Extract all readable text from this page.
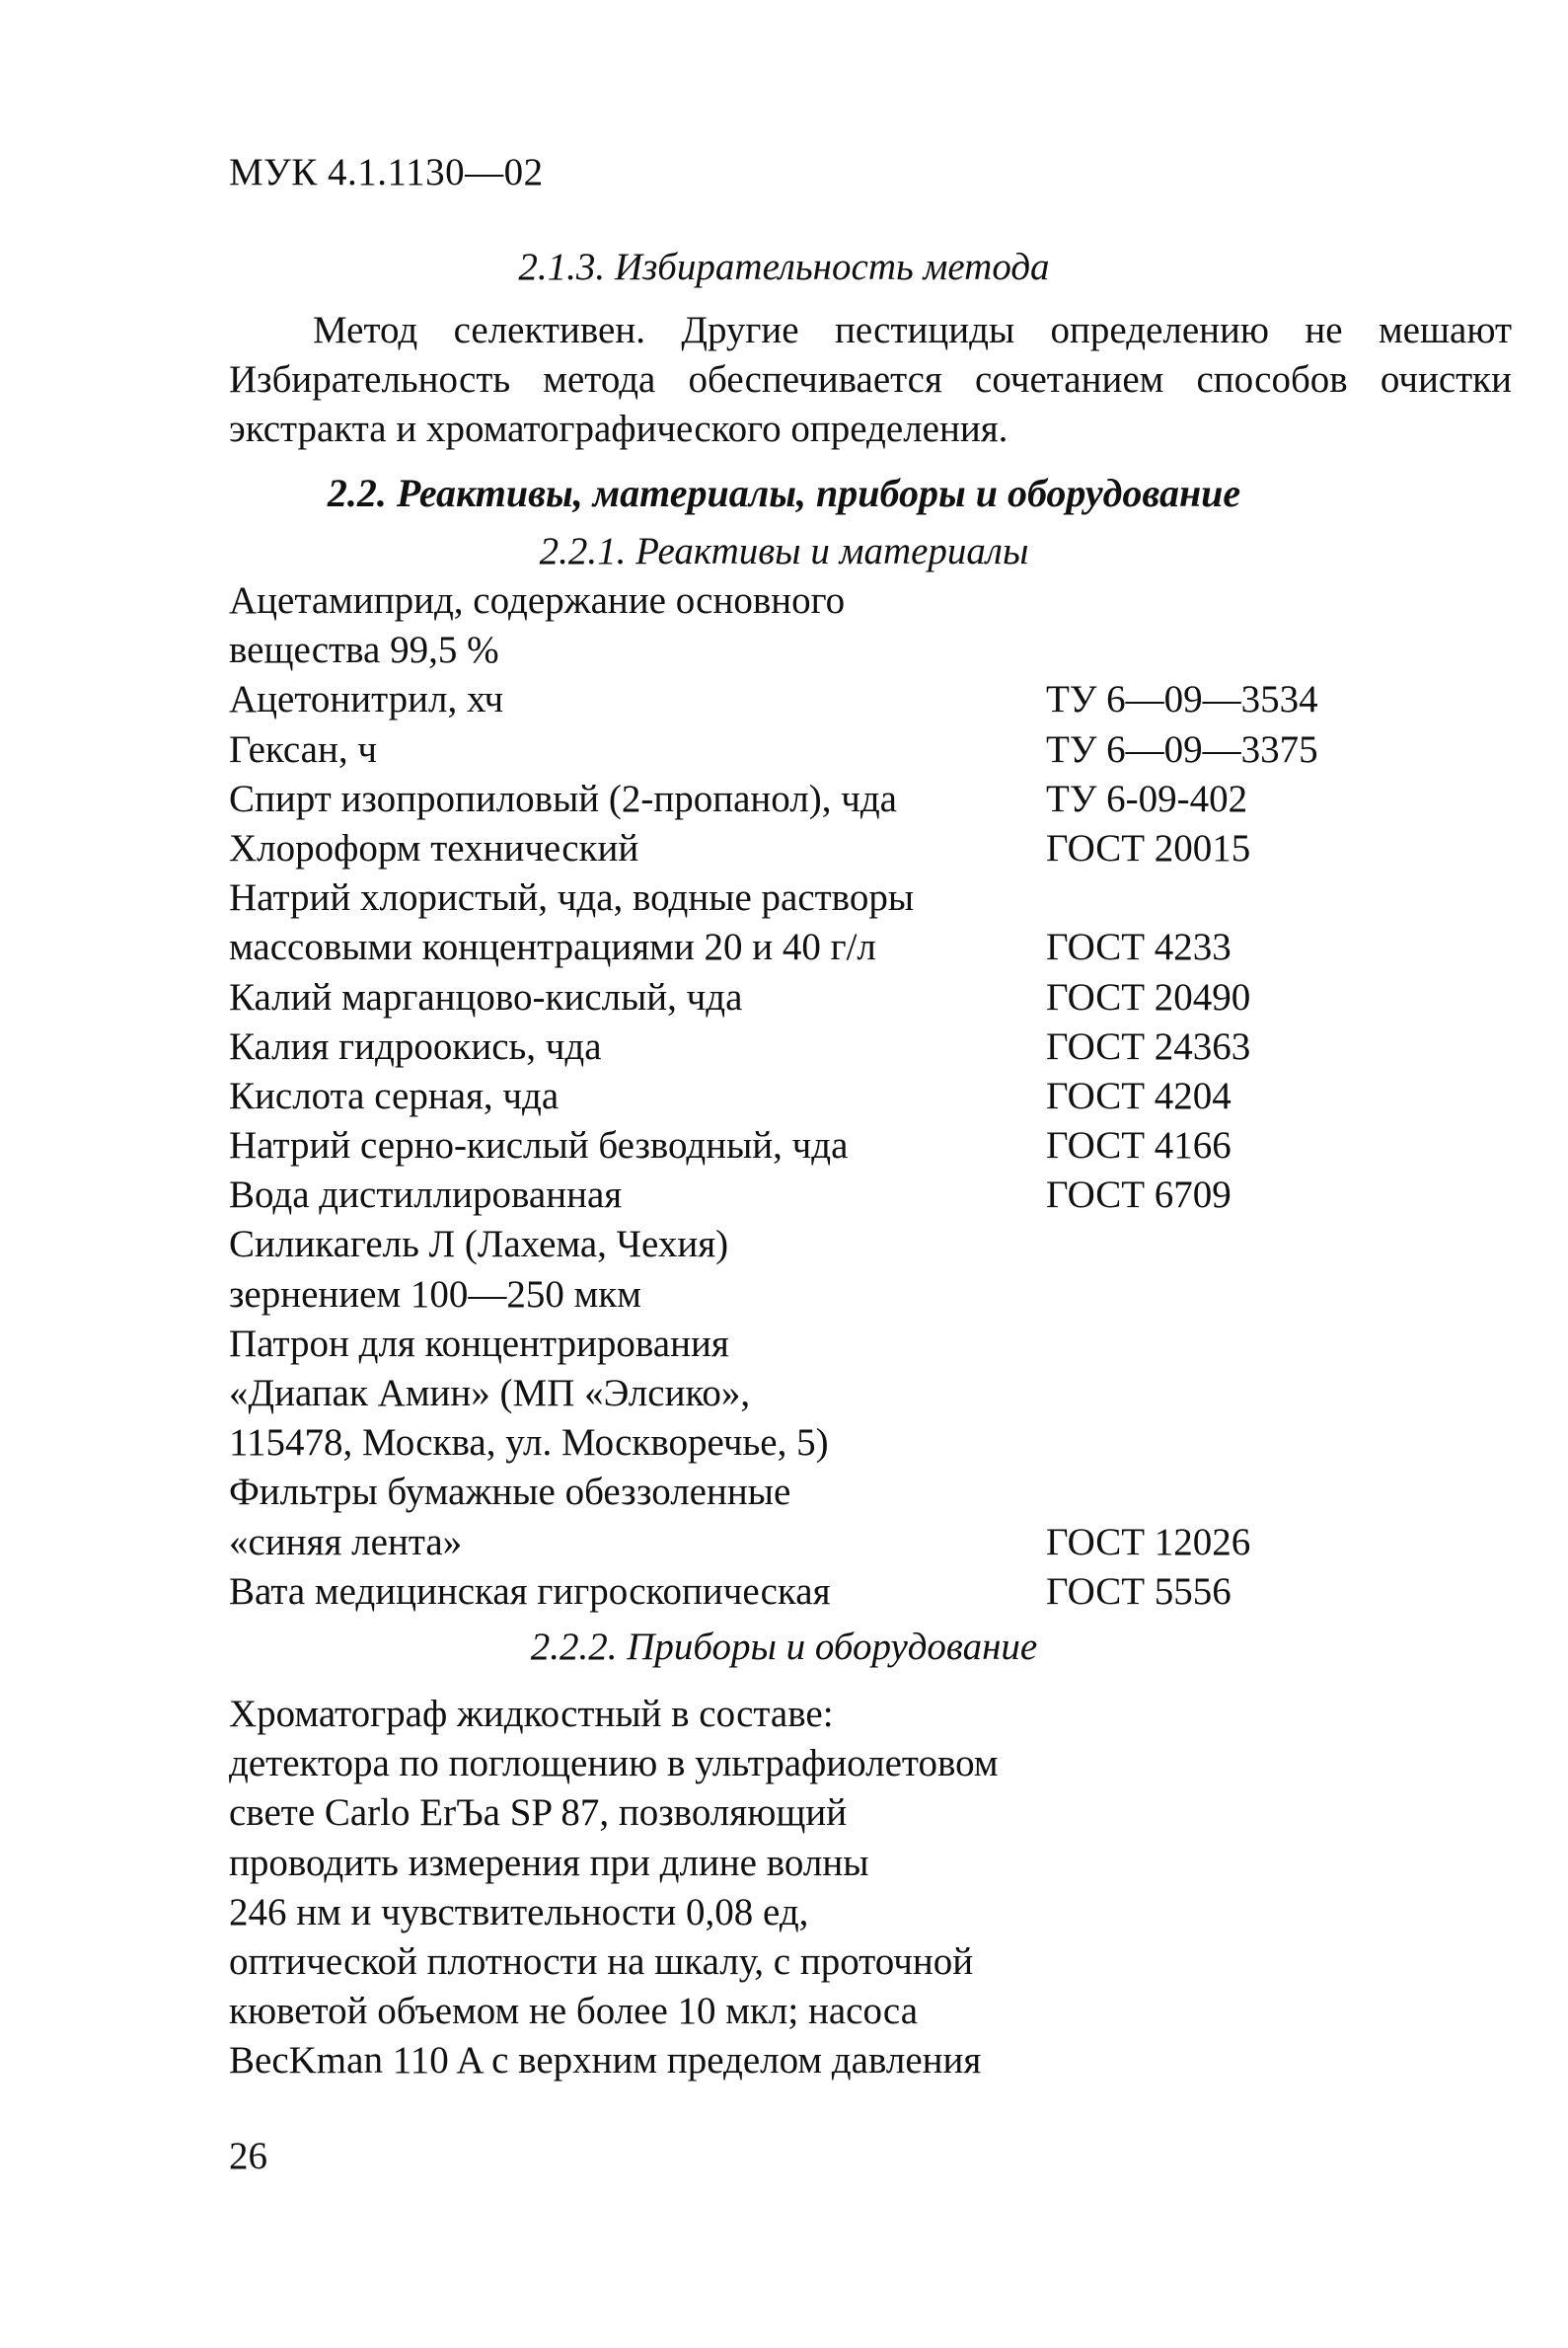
МУК 4.1.1130—02
2.1.3. Избирательность метода
Метод селективен. Другие пестициды определению не мешают
Избирательность метода обеспечивается сочетанием способов очистки
экстракта и хроматографического определения.
2.2. Реактивы, материалы, приборы и оборудование
2.2.1. Реактивы и материалы
Ацетамиприд, содержание основного
вещества 99,5 %
Ацетонитрил, хч	ТУ 6—09—3534
Гексан, ч	ТУ 6—09—3375
Спирт изопропиловый (2-пропанол), чда	ТУ 6-09-402
Хлороформ технический	ГОСТ 20015
Натрий хлористый, чда, водные растворы
массовыми концентрациями 20 и 40 г/л	ГОСТ 4233
Калий марганцово-кислый, чда	ГОСТ 20490
Калия гидроокись, чда	ГОСТ 24363
Кислота серная, чда	ГОСТ 4204
Натрий серно-кислый безводный, чда	ГОСТ 4166
Вода дистиллированная	ГОСТ 6709
Силикагель Л (Лахема, Чехия)
зернением 100—250 мкм
Патрон для концентрирования
«Диапак Амин» (МП «Элсико»,
115478, Москва, ул. Москворечье, 5)
Фильтры бумажные обеззоленные
«синяя лента»	ГОСТ 12026
Вата медицинская гигроскопическая	ГОСТ 5556
2.2.2. Приборы и оборудование
Хроматограф жидкостный в составе:
детектора по поглощению в ультрафиолетовом
свете Carlo ErЪa SP 87, позволяющий
проводить измерения при длине волны
246 нм и чувствительности 0,08 ед,
оптической плотности на шкалу, с проточной
кюветой объемом не более 10 мкл; насоса
BecKman 110 A с верхним пределом давления
26
